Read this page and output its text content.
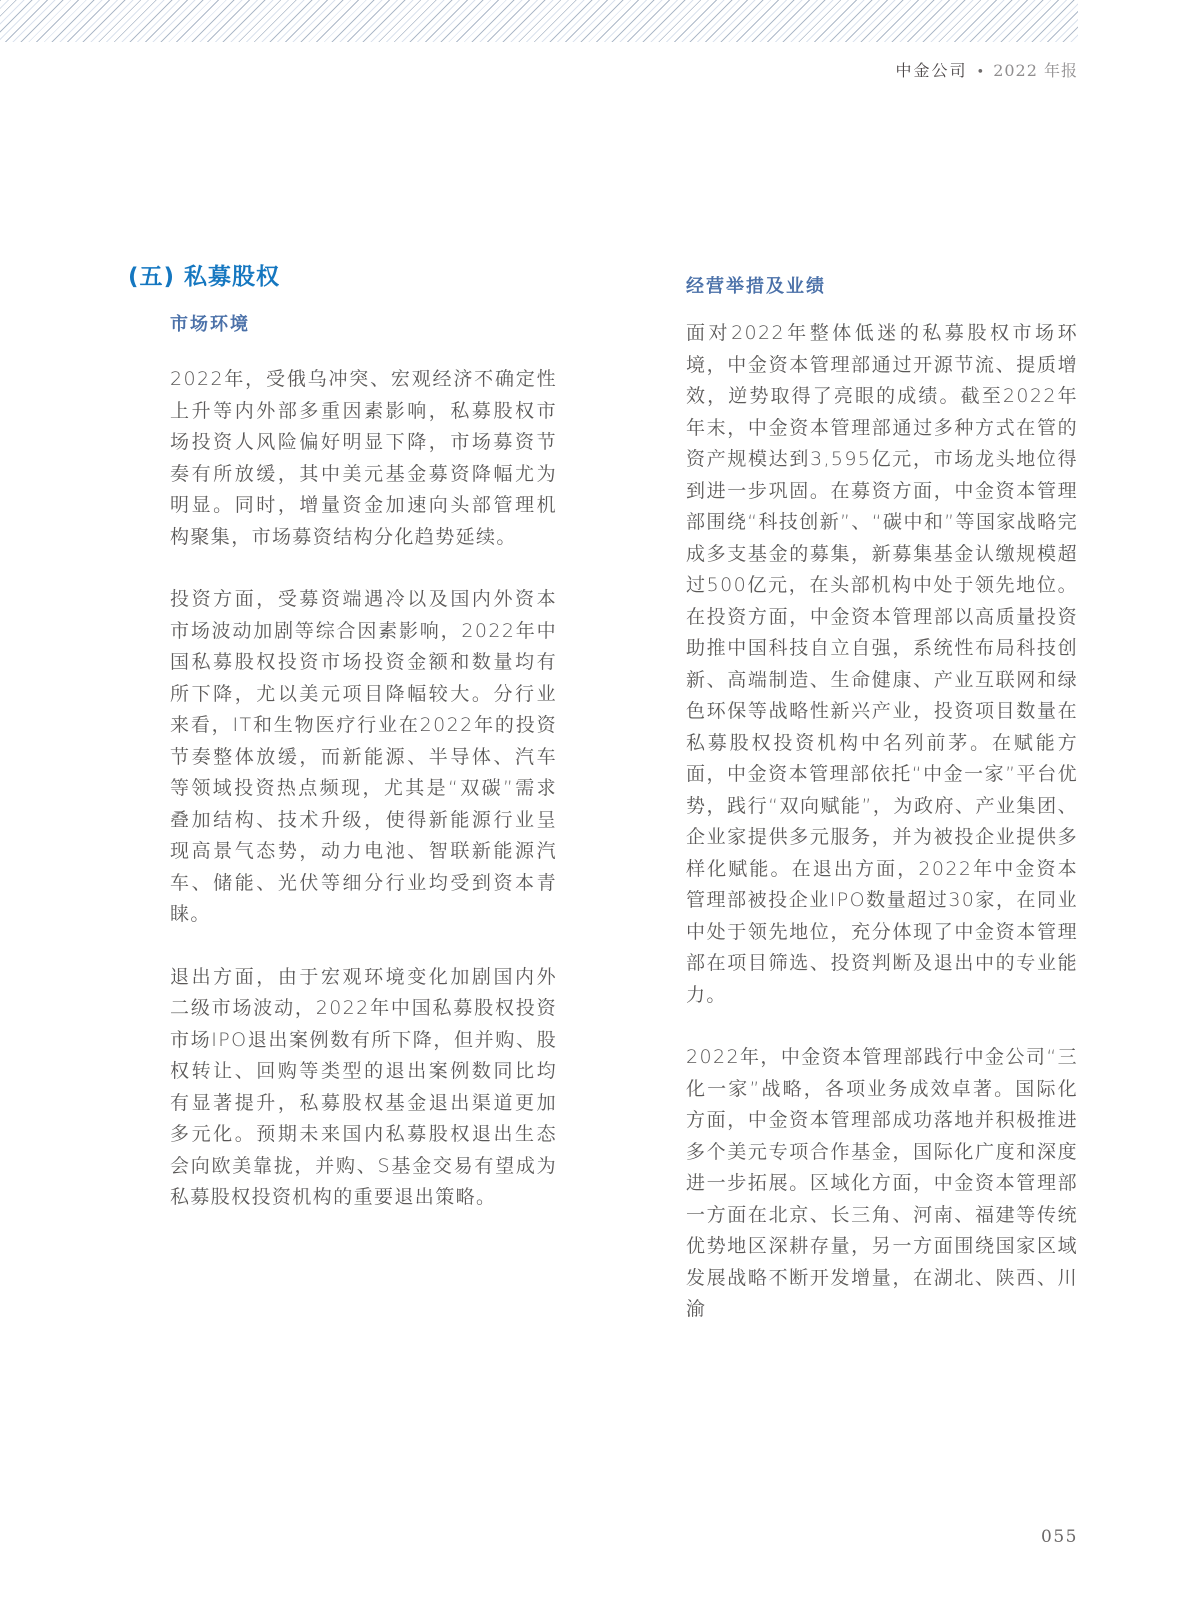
中金公司 • 2022 年报
(五) 私募股权
市场环境

2022年，受俄乌冲突、宏观经济不确定性上升等内外部多重因素影响，私募股权市场投资人风险偏好明显下降，市场募资节奏有所放缓，其中美元基金募资降幅尤为明显。同时，增量资金加速向头部管理机构聚集，市场募资结构分化趋势延续。

投资方面，受募资端遇冷以及国内外资本市场波动加剧等综合因素影响，2022年中国私募股权投资市场投资金额和数量均有所下降，尤以美元项目降幅较大。分行业来看，IT和生物医疗行业在2022年的投资节奏整体放缓，而新能源、半导体、汽车等领域投资热点频现，尤其是“双碳”需求叠加结构、技术升级，使得新能源行业呈现高景气态势，动力电池、智联新能源汽车、储能、光伏等细分行业均受到资本青睐。

退出方面，由于宏观环境变化加剧国内外二级市场波动，2022年中国私募股权投资市场IPO退出案例数有所下降，但并购、股权转让、回购等类型的退出案例数同比均有显著提升，私募股权基金退出渠道更加多元化。预期未来国内私募股权退出生态会向欧美靠拢，并购、S基金交易有望成为私募股权投资机构的重要退出策略。

经营举措及业绩

面对2022年整体低迷的私募股权市场环境，中金资本管理部通过开源节流、提质增效，逆势取得了亮眼的成绩。截至2022年年末，中金资本管理部通过多种方式在管的资产规模达到3,595亿元，市场龙头地位得到进一步巩固。在募资方面，中金资本管理部围绕“科技创新”、“碳中和”等国家战略完成多支基金的募集，新募集基金认缴规模超过500亿元，在头部机构中处于领先地位。在投资方面，中金资本管理部以高质量投资助推中国科技自立自强，系统性布局科技创新、高端制造、生命健康、产业互联网和绿色环保等战略性新兴产业，投资项目数量在私募股权投资机构中名列前茅。在赋能方面，中金资本管理部依托“中金一家”平台优势，践行“双向赋能”，为政府、产业集团、企业家提供多元服务，并为被投企业提供多样化赋能。在退出方面，2022年中金资本管理部被投企业IPO数量超过30家，在同业中处于领先地位，充分体现了中金资本管理部在项目筛选、投资判断及退出中的专业能力。

2022年，中金资本管理部践行中金公司“三化一家”战略，各项业务成效卓著。国际化方面，中金资本管理部成功落地并积极推进多个美元专项合作基金，国际化广度和深度进一步拓展。区域化方面，中金资本管理部一方面在北京、长三角、河南、福建等传统优势地区深耕存量，另一方面围绕国家区域发展战略不断开发增量，在湖北、陕西、川渝

055
